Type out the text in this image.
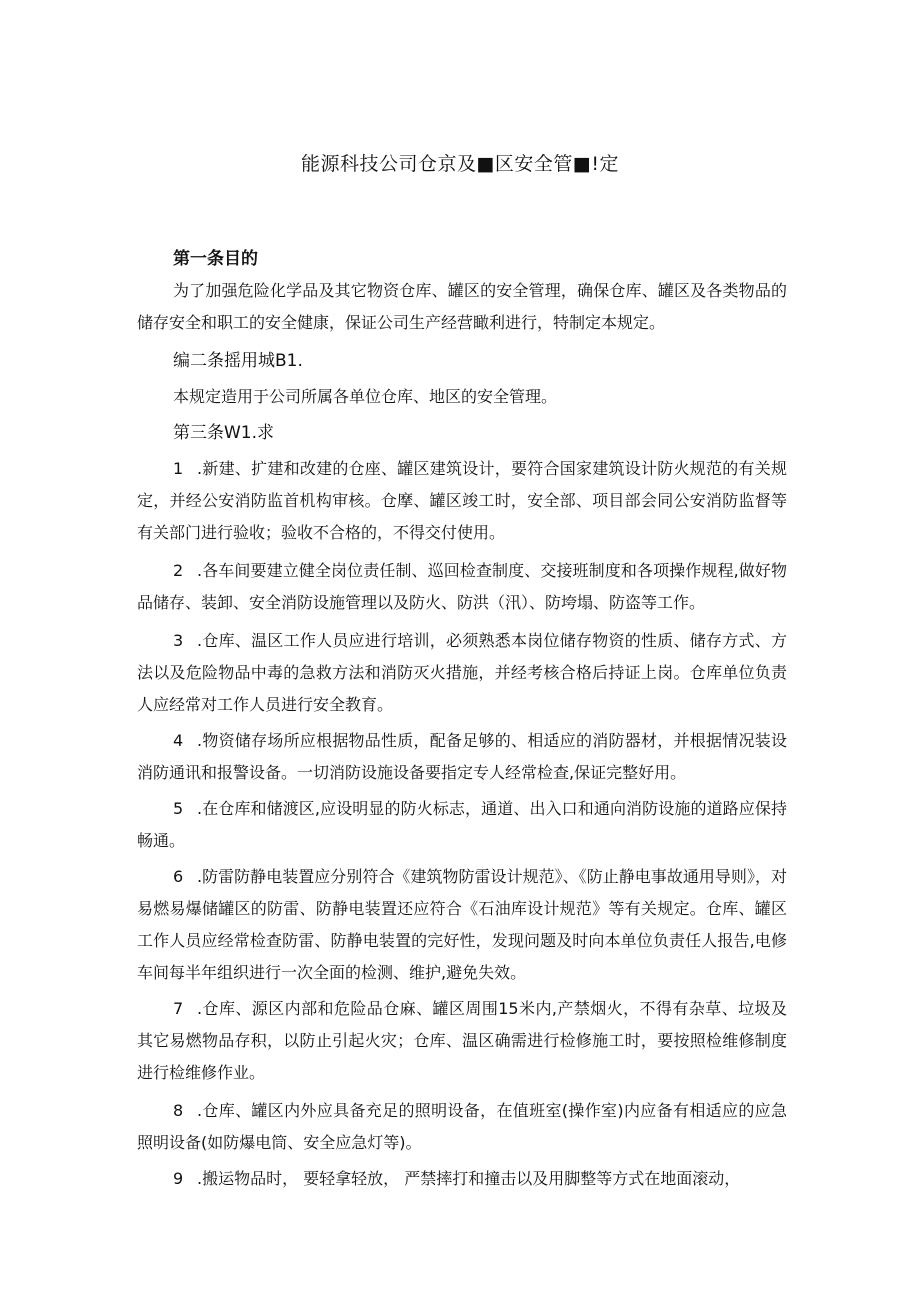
能源科技公司仓京及■区安全管■!定

第一条目的

为了加强危险化学品及其它物资仓库、罐区的安全管理，确保仓库、罐区及各类物品的储存安全和职工的安全健康，保证公司生产经营瞰利进行，特制定本规定。

编二条摇用城B1.

本规定造用于公司所属各单位仓库、地区的安全管理。

第三条W1.求

1 .新建、扩建和改建的仓座、罐区建筑设计，要符合国家建筑设计防火规范的有关规定，并经公安消防监首机构审核。仓摩、罐区竣工时，安全部、项目部会同公安消防监督等有关部门进行验收；验收不合格的，不得交付使用。

2 .各车间要建立健全岗位责任制、巡回检查制度、交接班制度和各项操作规程,做好物品储存、装卸、安全消防设施管理以及防火、防洪（汛）、防垮塌、防盗等工作。

3 .仓库、温区工作人员应进行培训，必须熟悉本岗位储存物资的性质、储存方式、方法以及危险物品中毒的急救方法和消防灭火措施，并经考核合格后持证上岗。仓库单位负责人应经常对工作人员进行安全教育。

4 .物资储存场所应根据物品性质，配备足够的、相适应的消防器材，并根据情况装设消防通讯和报警设备。一切消防设施设备要指定专人经常检查,保证完整好用。

5 .在仓库和储渡区,应设明显的防火标志，通道、出入口和通向消防设施的道路应保持畅通。

6 .防雷防静电装置应分别符合《建筑物防雷设计规范》、《防止静电事故通用导则》，对易燃易爆储罐区的防雷、防静电装置还应符合《石油库设计规范》等有关规定。仓库、罐区工作人员应经常检查防雷、防静电装置的完好性，发现问题及时向本单位负责任人报告,电修车间每半年组织进行一次全面的检测、维护,避免失效。

7 .仓库、源区内部和危险品仓麻、罐区周围15米内,产禁烟火，不得有杂草、垃圾及其它易燃物品存积，以防止引起火灾；仓库、温区确需进行检修施工时，要按照检维修制度进行检维修作业。

8 .仓库、罐区内外应具备充足的照明设备，在值班室(操作室)内应备有相适应的应急照明设备(如防爆电筒、安全应急灯等)。

9 .搬运物品时， 要轻拿轻放， 严禁摔打和撞击以及用脚整等方式在地面滚动，
